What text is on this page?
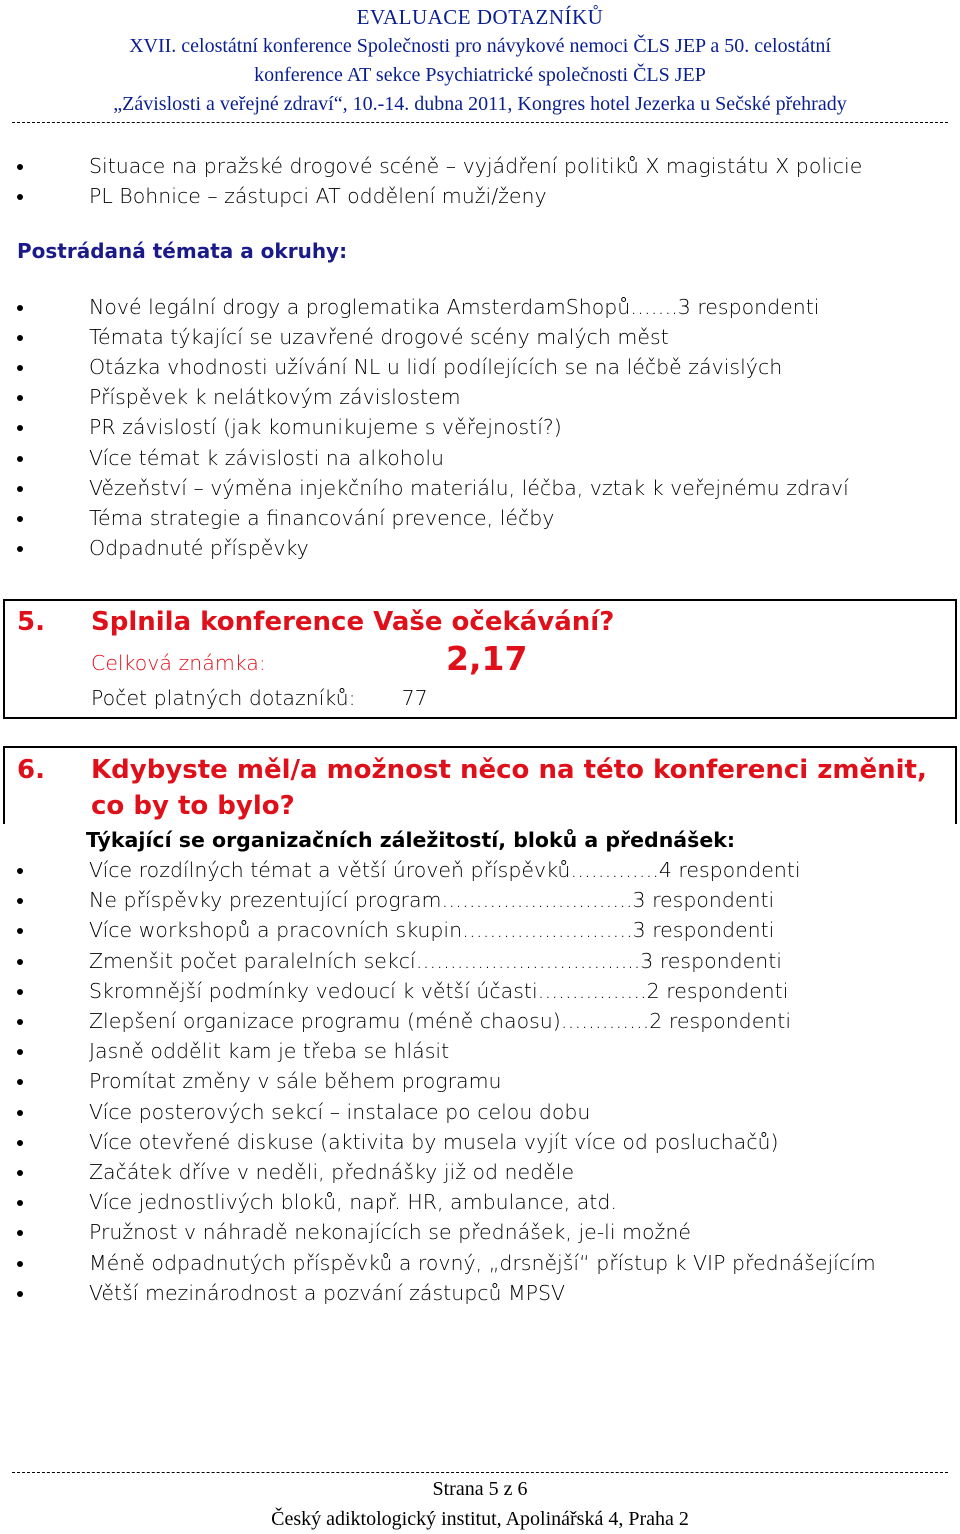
EVALUACE DOTAZNÍKŮ
XVII. celostátní konference Společnosti pro návykové nemoci ČLS JEP a 50. celostátní
konference AT sekce Psychiatrické společnosti ČLS JEP
„Závislosti a veřejné zdraví“, 10.-14. dubna 2011, Kongres hotel Jezerka u Sečské přehrady
Situace na pražské drogové scéně – vyjádření politiků X magistátu X policie
PL Bohnice – zástupci AT oddělení muži/ženy
Postrádaná témata a okruhy:
Nové legální drogy a proglematika AmsterdamShopů…….3 respondenti
Témata týkající se uzavřené drogové scény malých měst
Otázka vhodnosti užívání NL u lidí podílejících se na léčbě závislých
Příspěvek k nelátkovým závislostem
PR závislostí (jak komunikujeme s věřejností?)
Více témat k závislosti na alkoholu
Vězeňství – výměna injekčního materiálu, léčba, vztak k veřejnému zdraví
Téma strategie a financování prevence, léčby
Odpadnuté příspěvky
5.	Splnila konference Vaše očekávání?
Celková známka:	2,17
Počet platných dotazníků: 77
6.	Kdybyste měl/a možnost něco na této konferenci změnit, co by to bylo?
Týkající se organizačních záležitostí, bloků a přednášek:
Více rozdílných témat a větší úroveň příspěvků………….4 respondenti
Ne příspěvky prezentující program……………………….3 respondenti
Více workshopů a pracovních skupin…………………….3 respondenti
Zmenšit počet paralelních sekcí…………………………...3 respondenti
Skromnější podmínky vedoucí k větší účasti…………….2 respondenti
Zlepšení organizace programu (méně chaosu)………….2 respondenti
Jasně oddělit kam je třeba se hlásit
Promítat změny v sále během programu
Více posterových sekcí – instalace po celou dobu
Více otevřené diskuse (aktivita by musela vyjít více od posluchačů)
Začátek dříve v neděli, přednášky již od neděle
Více jednostlivých bloků, např. HR, ambulance, atd.
Pružnost v náhradě nekonajících se přednášek, je-li možné
Méně odpadnutých příspěvků a rovný, „drsnější“ přístup k VIP přednášejícím
Větší mezinárodnost a pozvání zástupců MPSV
Strana 5 z 6
Český adiktologický institut, Apolinářská 4, Praha 2
